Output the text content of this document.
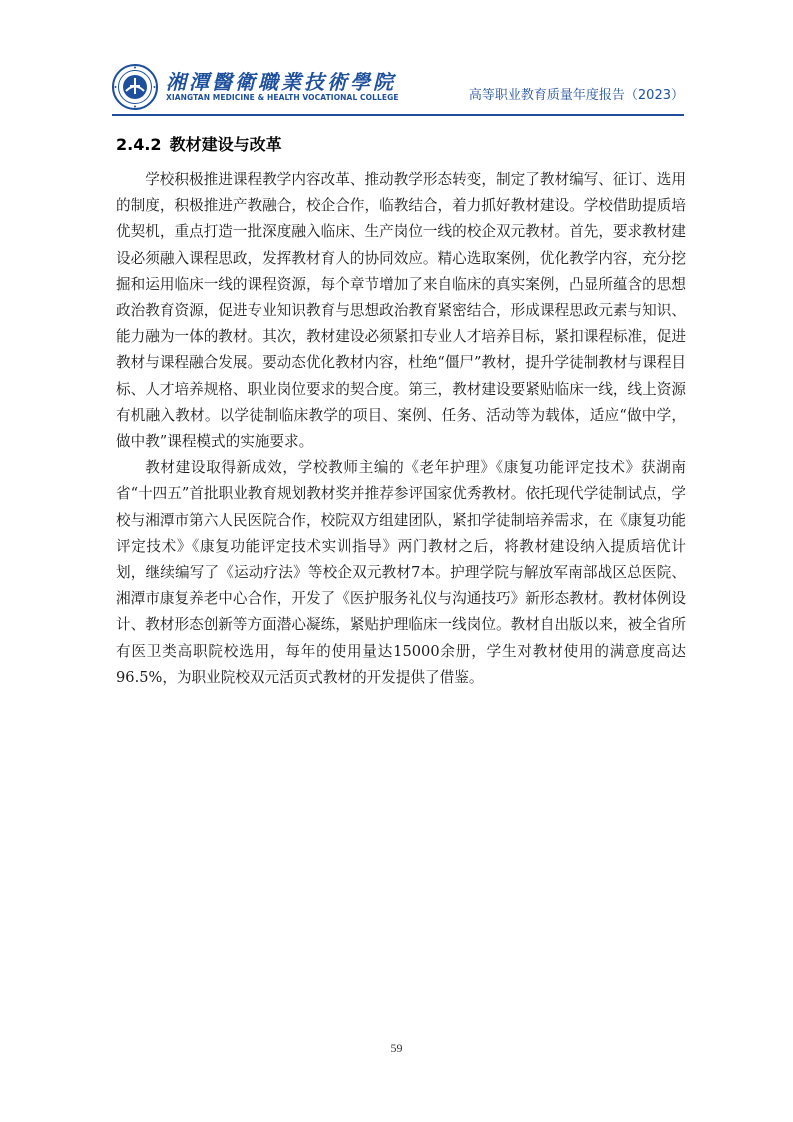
湘潭醫衛職業技術學院
XIANGTAN MEDICINE & HEALTH VOCATIONAL COLLEGE	高等职业教育质量年度报告（2023）
2.4.2 教材建设与改革

学校积极推进课程教学内容改革、推动教学形态转变，制定了教材编写、征订、选用的制度，积极推进产教融合，校企合作，临教结合，着力抓好教材建设。学校借助提质培优契机，重点打造一批深度融入临床、生产岗位一线的校企双元教材。首先，要求教材建设必须融入课程思政，发挥教材育人的协同效应。精心选取案例，优化教学内容，充分挖掘和运用临床一线的课程资源，每个章节增加了来自临床的真实案例，凸显所蕴含的思想政治教育资源，促进专业知识教育与思想政治教育紧密结合，形成课程思政元素与知识、能力融为一体的教材。其次，教材建设必须紧扣专业人才培养目标，紧扣课程标准，促进教材与课程融合发展。要动态优化教材内容，杜绝“僵尸”教材，提升学徒制教材与课程目标、人才培养规格、职业岗位要求的契合度。第三，教材建设要紧贴临床一线，线上资源有机融入教材。以学徒制临床教学的项目、案例、任务、活动等为载体，适应“做中学，做中教”课程模式的实施要求。

教材建设取得新成效，学校教师主编的《老年护理》《康复功能评定技术》获湖南省“十四五”首批职业教育规划教材奖并推荐参评国家优秀教材。依托现代学徒制试点，学校与湘潭市第六人民医院合作，校院双方组建团队，紧扣学徒制培养需求，在《康复功能评定技术》《康复功能评定技术实训指导》两门教材之后，将教材建设纳入提质培优计划，继续编写了《运动疗法》等校企双元教材7本。护理学院与解放军南部战区总医院、湘潭市康复养老中心合作，开发了《医护服务礼仪与沟通技巧》新形态教材。教材体例设计、教材形态创新等方面潜心凝练，紧贴护理临床一线岗位。教材自出版以来，被全省所有医卫类高职院校选用，每年的使用量达15000余册，学生对教材使用的满意度高达96.5%，为职业院校双元活页式教材的开发提供了借鉴。

59
